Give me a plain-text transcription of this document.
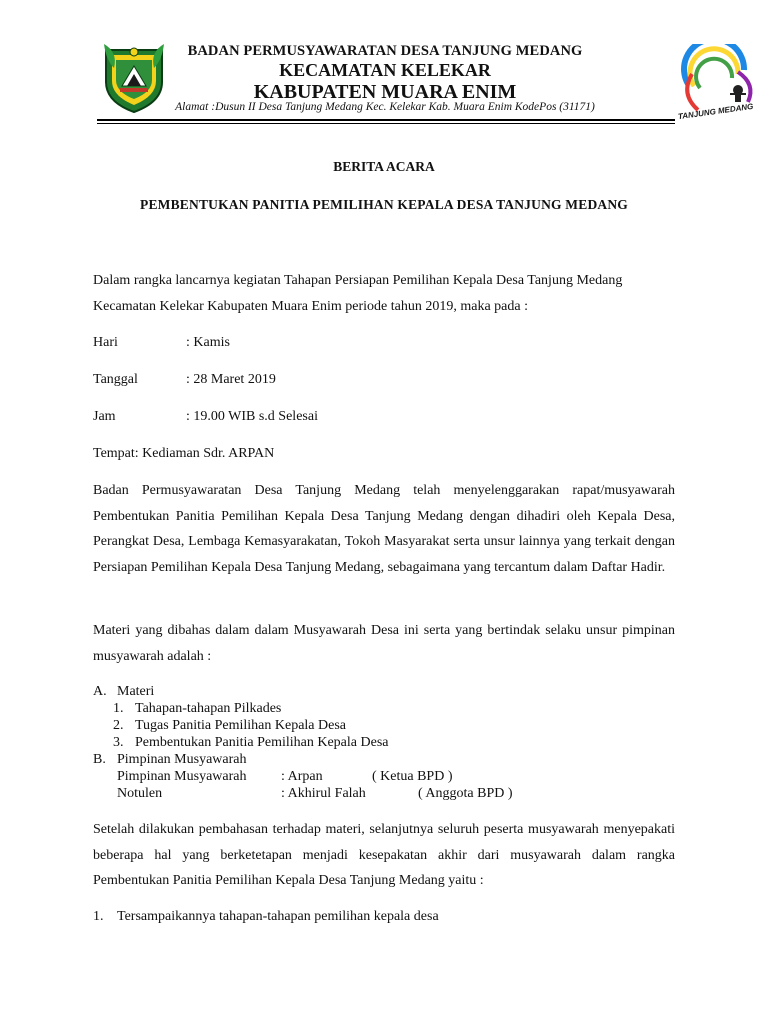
BADAN PERMUSYAWARATAN DESA TANJUNG MEDANG
KECAMATAN KELEKAR
KABUPATEN MUARA ENIM
Alamat :Dusun II Desa Tanjung Medang Kec. Kelekar Kab. Muara Enim KodePos (31171)	TANJUNG MEDANG
BERITA ACARA
PEMBENTUKAN PANITIA PEMILIHAN KEPALA DESA TANJUNG MEDANG
Dalam rangka lancarnya kegiatan Tahapan Persiapan Pemilihan Kepala Desa Tanjung Medang Kecamatan Kelekar Kabupaten Muara Enim periode tahun 2019, maka pada :
Hari	: Kamis
Tanggal	: 28 Maret 2019
Jam	: 19.00 WIB s.d Selesai
Tempat: Kediaman Sdr. ARPAN
Badan Permusyawaratan Desa Tanjung Medang telah menyelenggarakan rapat/musyawarah Pembentukan Panitia Pemilihan Kepala Desa Tanjung Medang dengan dihadiri oleh Kepala Desa, Perangkat Desa, Lembaga Kemasyarakatan, Tokoh Masyarakat serta unsur lainnya yang terkait dengan Persiapan Pemilihan Kepala Desa Tanjung Medang, sebagaimana yang tercantum dalam Daftar Hadir.
Materi yang dibahas dalam dalam Musyawarah Desa ini serta yang bertindak selaku unsur pimpinan musyawarah adalah :
A. Materi
1. Tahapan-tahapan Pilkades
2. Tugas Panitia Pemilihan Kepala Desa
3. Pembentukan Panitia Pemilihan Kepala Desa
B. Pimpinan Musyawarah
Pimpinan Musyawarah : Arpan	( Ketua BPD )
Notulen	: Akhirul Falah	( Anggota BPD )
Setelah dilakukan pembahasan terhadap materi, selanjutnya seluruh peserta musyawarah menyepakati beberapa hal yang berketetapan menjadi kesepakatan akhir dari musyawarah dalam rangka Pembentukan Panitia Pemilihan Kepala Desa Tanjung Medang yaitu :
1. Tersampaikannya tahapan-tahapan pemilihan kepala desa
